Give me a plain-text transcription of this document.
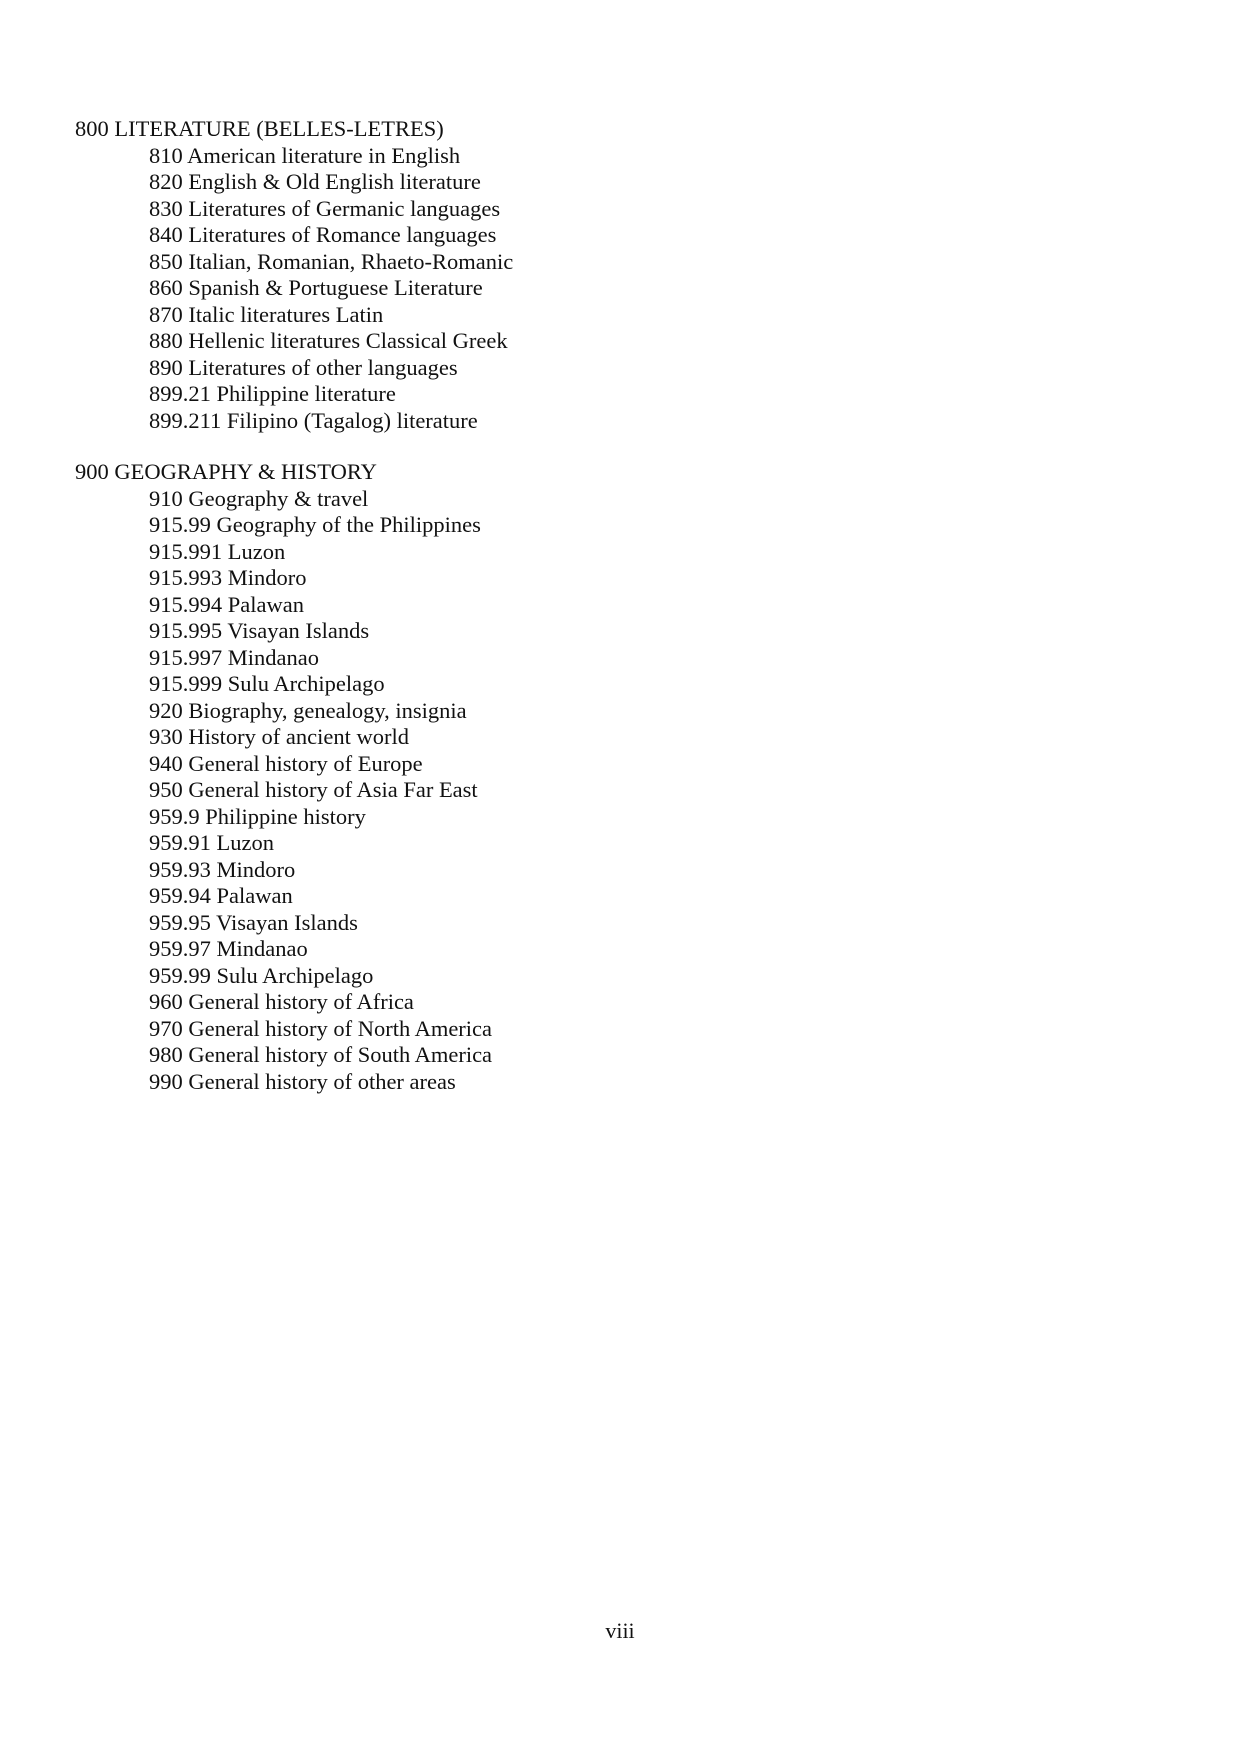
800 LITERATURE (BELLES-LETRES)
810 American literature in English
820 English & Old English literature
830 Literatures of Germanic languages
840 Literatures of Romance languages
850 Italian, Romanian, Rhaeto-Romanic
860 Spanish & Portuguese Literature
870 Italic literatures Latin
880 Hellenic literatures Classical Greek
890 Literatures of other languages
899.21 Philippine literature
899.211 Filipino (Tagalog) literature
900 GEOGRAPHY & HISTORY
910 Geography & travel
915.99 Geography of the Philippines
915.991 Luzon
915.993 Mindoro
915.994 Palawan
915.995 Visayan Islands
915.997 Mindanao
915.999 Sulu Archipelago
920 Biography, genealogy, insignia
930 History of ancient world
940 General history of Europe
950 General history of Asia Far East
959.9 Philippine history
959.91 Luzon
959.93 Mindoro
959.94 Palawan
959.95 Visayan Islands
959.97 Mindanao
959.99 Sulu Archipelago
960 General history of Africa
970 General history of North America
980 General history of South America
990 General history of other areas
viii
